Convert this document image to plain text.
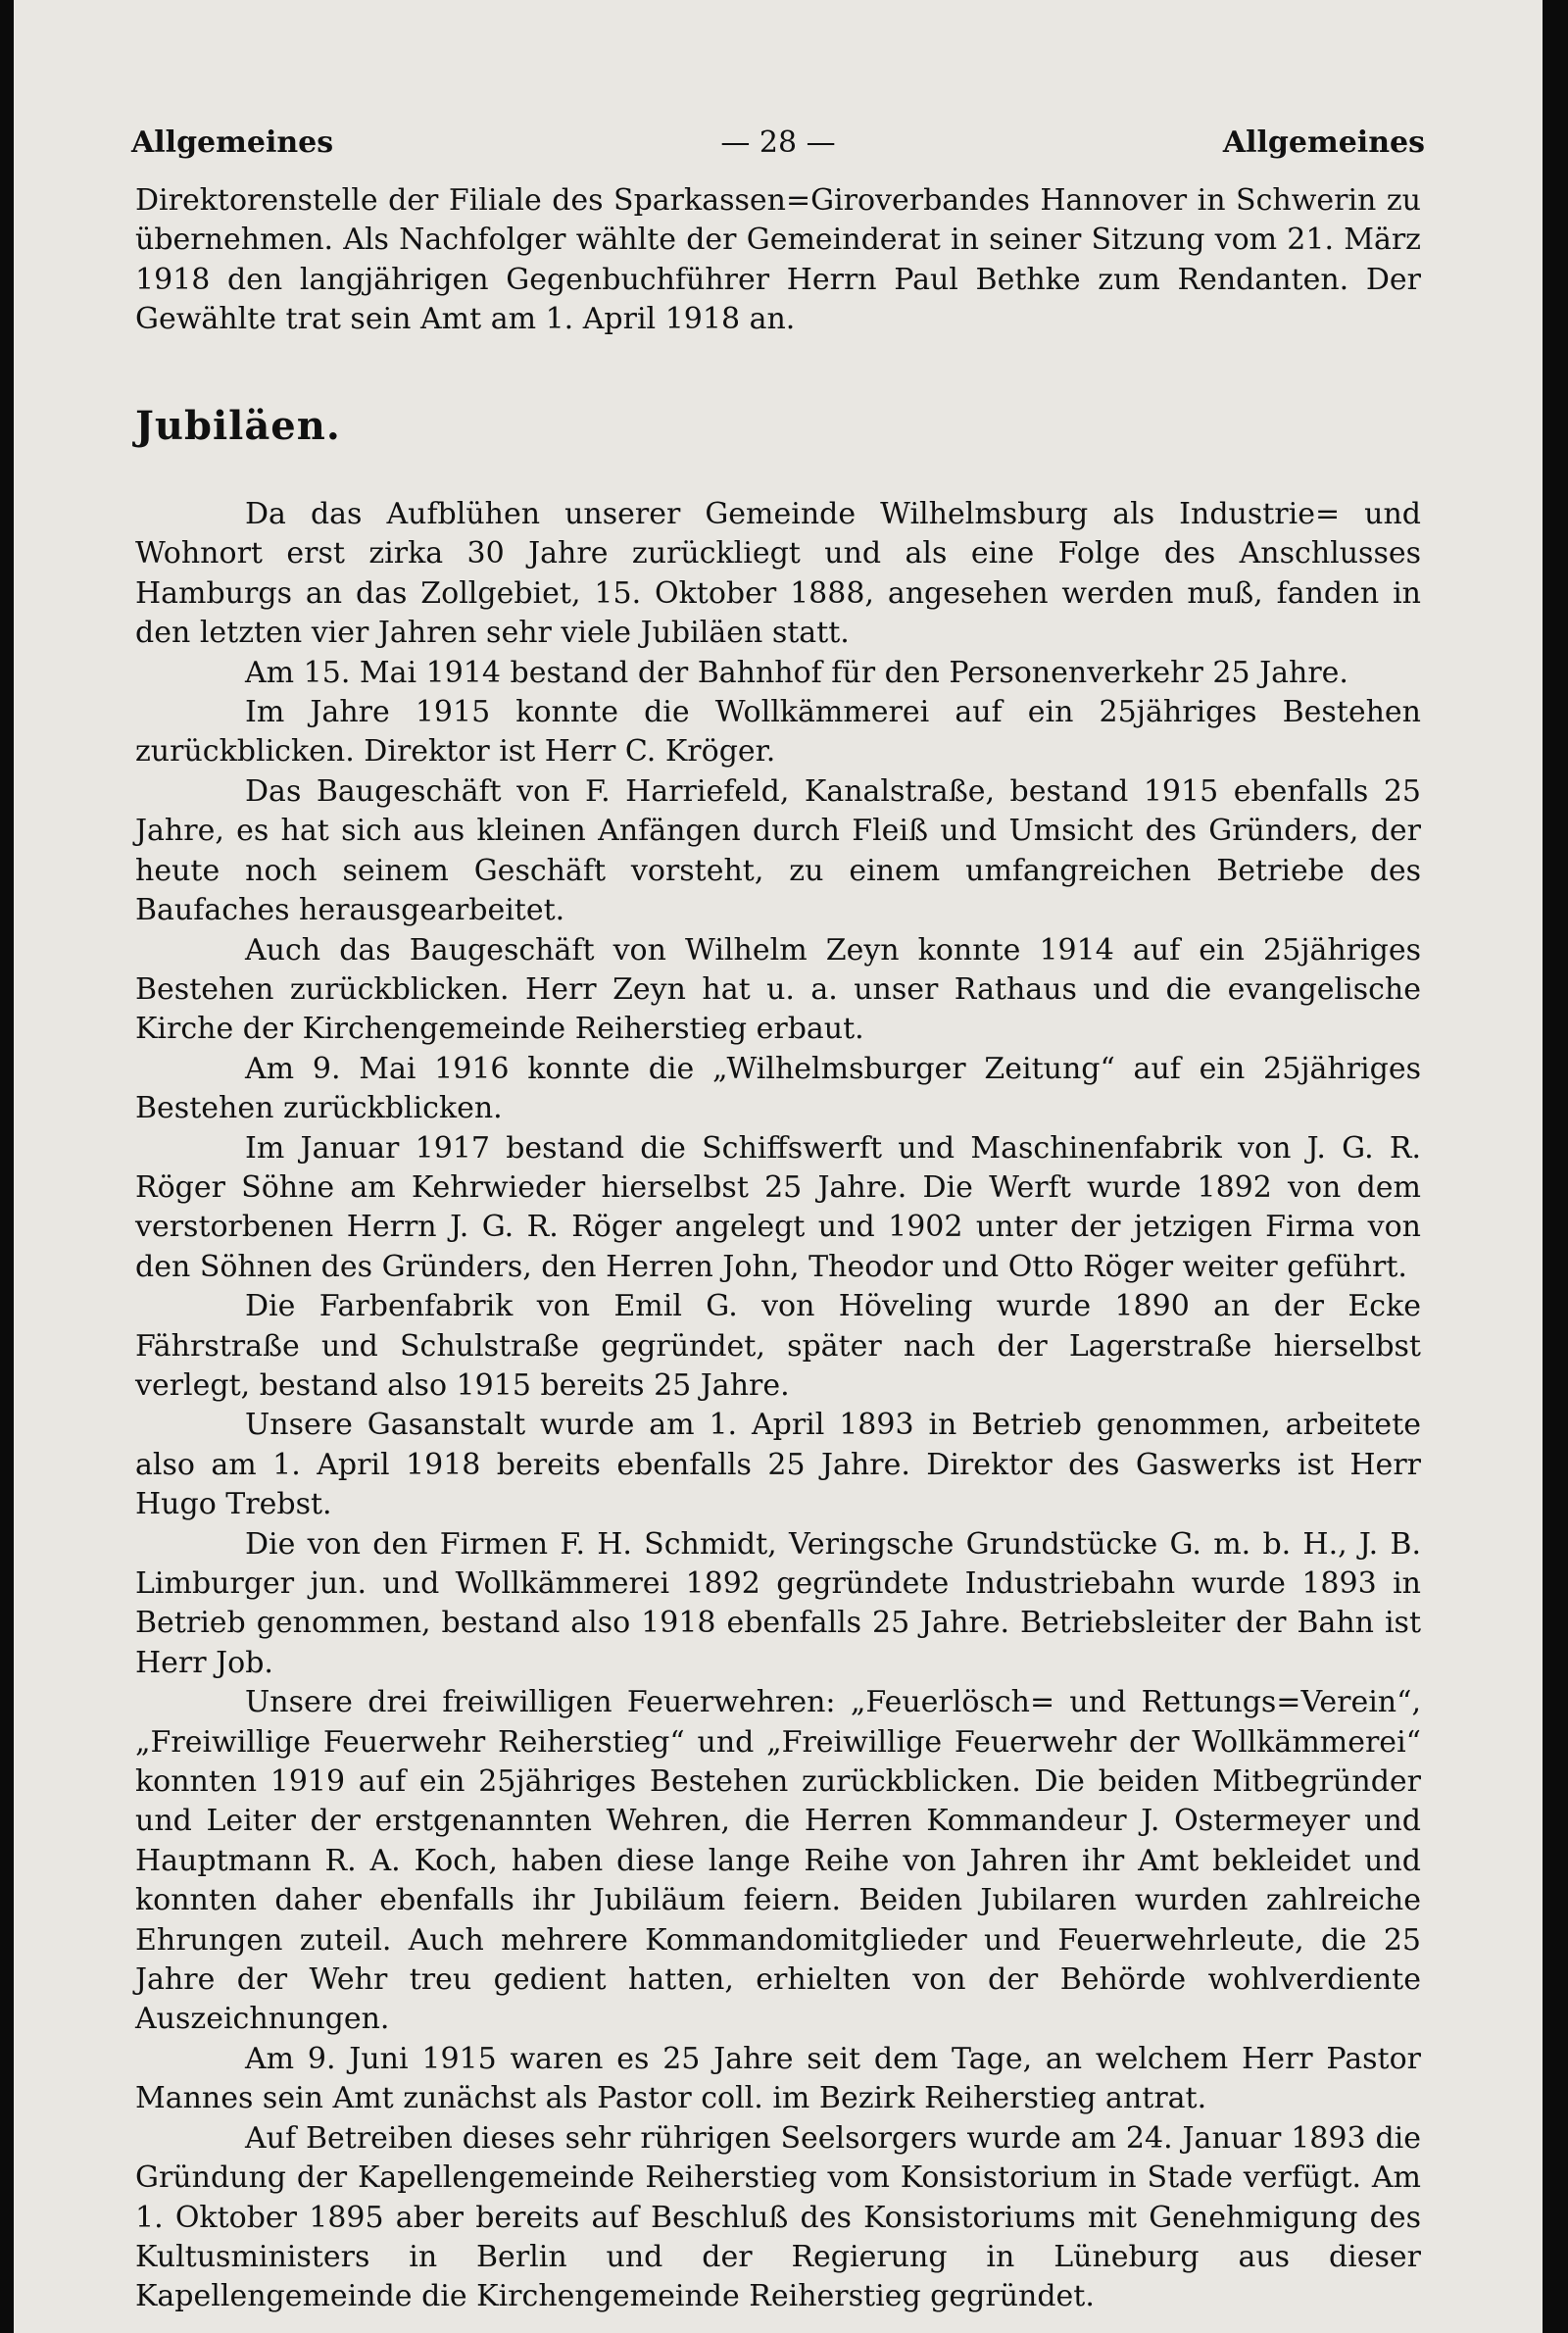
Allgemeines	— 28 —	Allgemeines

Direktorenstelle der Filiale des Sparkassen=Giroverbandes Hannover in Schwerin zu übernehmen. Als Nachfolger wählte der Gemeinderat in seiner Sitzung vom 21. März 1918 den langjährigen Gegenbuchführer Herrn Paul Bethke zum Rendanten. Der Gewählte trat sein Amt am 1. April 1918 an.

Jubiläen.

Da das Aufblühen unserer Gemeinde Wilhelmsburg als Industrie= und Wohnort erst zirka 30 Jahre zurückliegt und als eine Folge des Anschlusses Hamburgs an das Zollgebiet, 15. Oktober 1888, angesehen werden muß, fanden in den letzten vier Jahren sehr viele Jubiläen statt.

Am 15. Mai 1914 bestand der Bahnhof für den Personenverkehr 25 Jahre.

Im Jahre 1915 konnte die Wollkämmerei auf ein 25jähriges Bestehen zurückblicken. Direktor ist Herr C. Kröger.

Das Baugeschäft von F. Harriefeld, Kanalstraße, bestand 1915 ebenfalls 25 Jahre, es hat sich aus kleinen Anfängen durch Fleiß und Umsicht des Gründers, der heute noch seinem Geschäft vorsteht, zu einem umfangreichen Betriebe des Baufaches herausgearbeitet.

Auch das Baugeschäft von Wilhelm Zeyn konnte 1914 auf ein 25jähriges Bestehen zurückblicken. Herr Zeyn hat u. a. unser Rathaus und die evangelische Kirche der Kirchengemeinde Reiherstieg erbaut.

Am 9. Mai 1916 konnte die „Wilhelmsburger Zeitung“ auf ein 25jähriges Bestehen zurückblicken.

Im Januar 1917 bestand die Schiffswerft und Maschinenfabrik von J. G. R. Röger Söhne am Kehrwieder hierselbst 25 Jahre. Die Werft wurde 1892 von dem verstorbenen Herrn J. G. R. Röger angelegt und 1902 unter der jetzigen Firma von den Söhnen des Gründers, den Herren John, Theodor und Otto Röger weiter geführt.

Die Farbenfabrik von Emil G. von Höveling wurde 1890 an der Ecke Fährstraße und Schulstraße gegründet, später nach der Lagerstraße hierselbst verlegt, bestand also 1915 bereits 25 Jahre.

Unsere Gasanstalt wurde am 1. April 1893 in Betrieb genommen, arbeitete also am 1. April 1918 bereits ebenfalls 25 Jahre. Direktor des Gaswerks ist Herr Hugo Trebst.

Die von den Firmen F. H. Schmidt, Veringsche Grundstücke G. m. b. H., J. B. Limburger jun. und Wollkämmerei 1892 gegründete Industriebahn wurde 1893 in Betrieb genommen, bestand also 1918 ebenfalls 25 Jahre. Betriebsleiter der Bahn ist Herr Job.

Unsere drei freiwilligen Feuerwehren: „Feuerlösch= und Rettungs=Verein“, „Freiwillige Feuerwehr Reiherstieg“ und „Freiwillige Feuerwehr der Wollkämmerei“ konnten 1919 auf ein 25jähriges Bestehen zurückblicken. Die beiden Mitbegründer und Leiter der erstgenannten Wehren, die Herren Kommandeur J. Ostermeyer und Hauptmann R. A. Koch, haben diese lange Reihe von Jahren ihr Amt bekleidet und konnten daher ebenfalls ihr Jubiläum feiern. Beiden Jubilaren wurden zahlreiche Ehrungen zuteil. Auch mehrere Kommandomitglieder und Feuerwehrleute, die 25 Jahre der Wehr treu gedient hatten, erhielten von der Behörde wohlverdiente Auszeichnungen.

Am 9. Juni 1915 waren es 25 Jahre seit dem Tage, an welchem Herr Pastor Mannes sein Amt zunächst als Pastor coll. im Bezirk Reiherstieg antrat.

Auf Betreiben dieses sehr rührigen Seelsorgers wurde am 24. Januar 1893 die Gründung der Kapellengemeinde Reiherstieg vom Konsistorium in Stade verfügt. Am 1. Oktober 1895 aber bereits auf Beschluß des Konsistoriums mit Genehmigung des Kultusministers in Berlin und der Regierung in Lüneburg aus dieser Kapellengemeinde die Kirchengemeinde Reiherstieg gegründet.
